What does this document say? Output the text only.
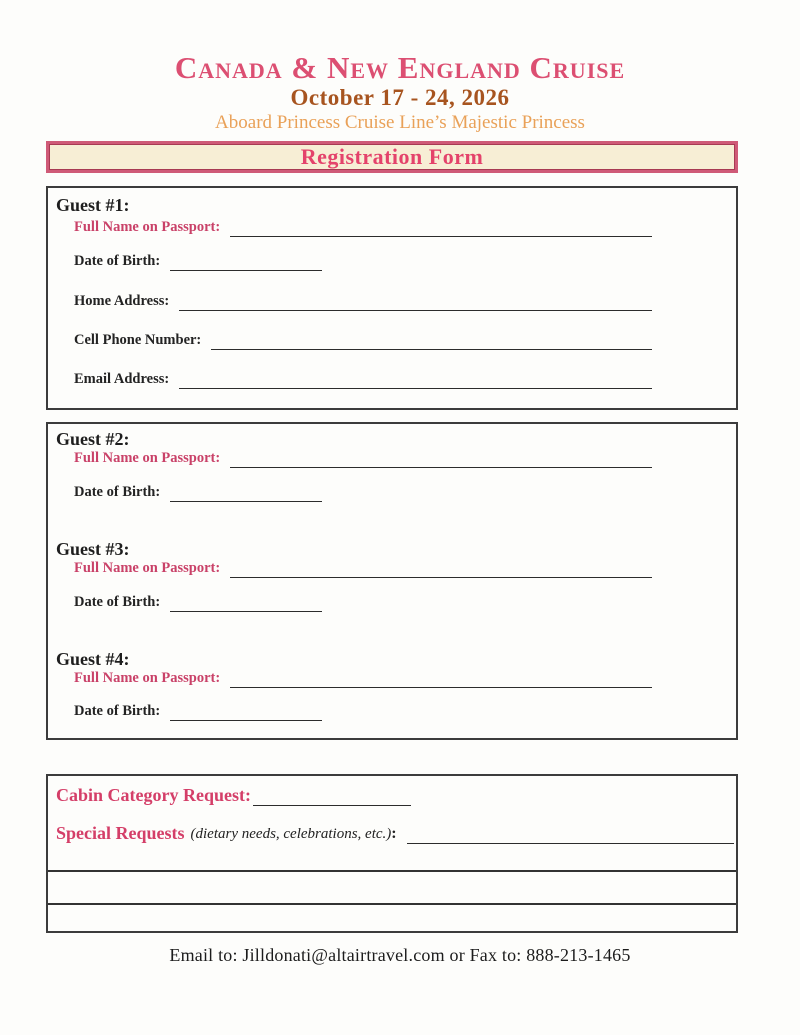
Canada & New England Cruise
October 17 - 24, 2026
Aboard Princess Cruise Line’s Majestic Princess
Registration Form
Guest #1:
Full Name on Passport:
Date of Birth:
Home Address:
Cell Phone Number:
Email Address:
Guest #2:
Full Name on Passport:
Date of Birth:
Guest #3:
Full Name on Passport:
Date of Birth:
Guest #4:
Full Name on Passport:
Date of Birth:
Cabin Category Request:
Special Requests (dietary needs, celebrations, etc.) :
Email to: Jilldonati@altairtravel.com or Fax to: 888-213-1465
